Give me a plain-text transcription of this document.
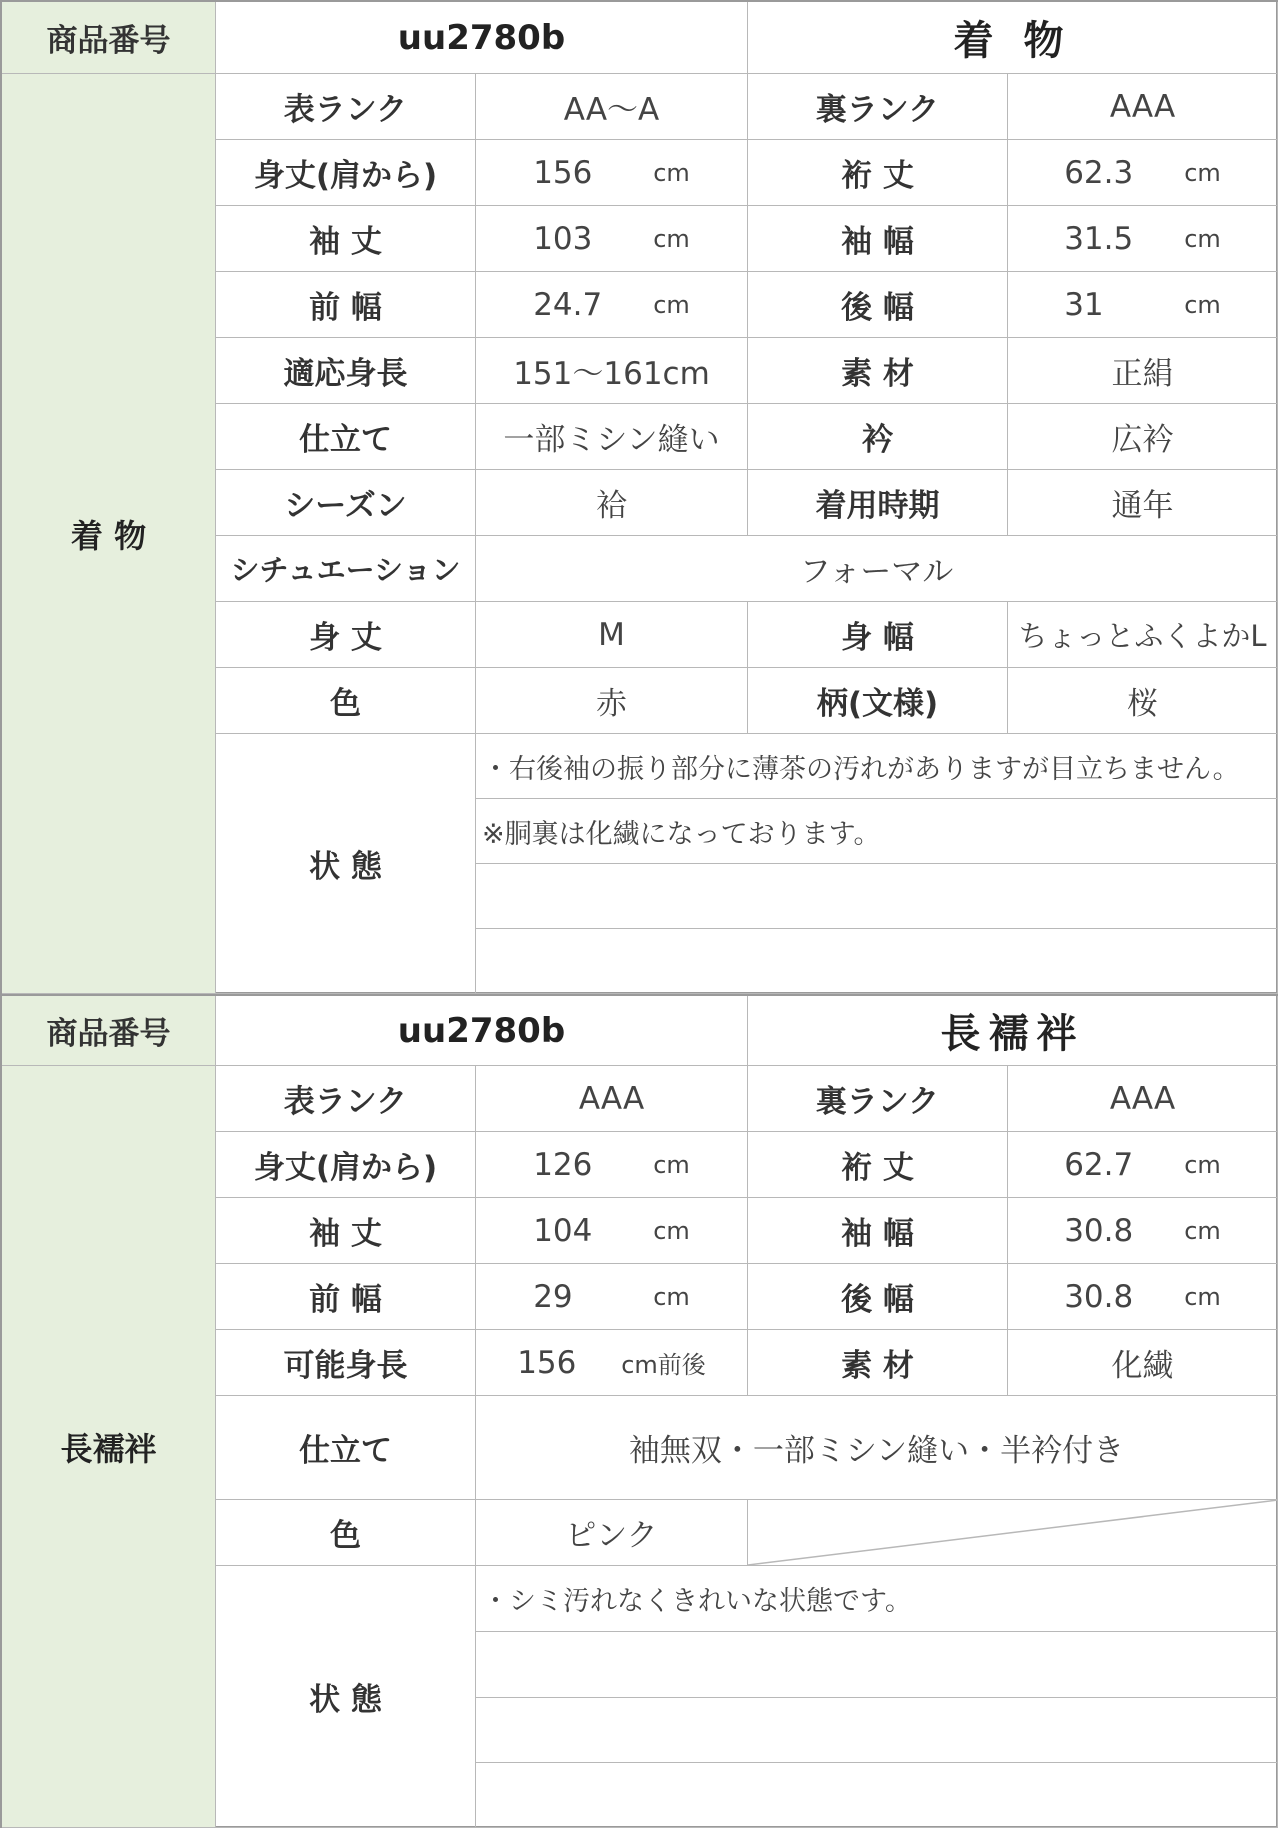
商品番号	uu2780b	着 物
着 物
表ランク	AA～A	裏ランク	AAA
身丈(肩から)	156	cm	裄 丈	62.3 cm
袖 丈	103	cm	袖 幅	31.5 cm
前 幅	24.7 cm	後 幅	31	cm
適応身長	151～161cm	素 材	正絹
仕立て	一部ミシン縫い	衿	広衿
シーズン	袷	着用時期	通年
シチュエーション	フォーマル
身 丈	M	身 幅	ちょっとふくよかL
色	赤	柄(文様)	桜
状 態
・右後袖の振り部分に薄茶の汚れがありますが目立ちません。
※胴裏は化繊になっております。
商品番号	uu2780b	長襦袢
長襦袢
表ランク	AAA	裏ランク	AAA
身丈(肩から)	126	cm	裄 丈	62.7 cm
袖 丈	104	cm	袖 幅	30.8 cm
前 幅	29	cm	後 幅	30.8 cm
可能身長	156	cm前後	素 材	化繊
仕立て	袖無双・一部ミシン縫い・半衿付き
色	ピンク
状 態
・シミ汚れなくきれいな状態です。
